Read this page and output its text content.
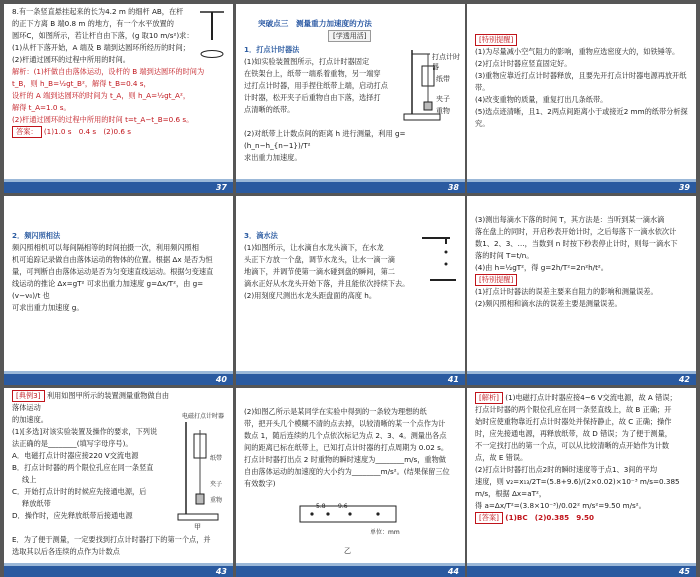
8.有一条竖直悬挂起来的长为4.2 m 的细杆 AB，在杆

的正下方离 B 端0.8 m 的地方，有一个水平放置的

圆环C，如图所示，若让杆自由下落，(g 取10 m/s²)求：

(1)从杆下落开始，A 端及 B 端到达圆环所经历的时间；

(2)杆通过圆环的过程中所用的时间。

解析：(1)杆做自由落体运动，设杆的 B 端到达圆环的时间为

t_B，则 h_B=½gt_B²，解得 t_B=0.4 s，

设杆的 A 端到达圆环的时间为 t_A，则 h_A=½gt_A²，

解得 t_A=1.0 s。

(2)杆通过圆环的过程中所用的时间 t=t_A−t_B=0.6 s。

答案： (1)1.0 s　0.4 s　(2)0.6 s

37
突破点三　测量重力加速度的方法
[学透用活]

1．打点计时器法

(1)如实验装置图所示，打点计时器固定

在铁架台上，纸带一端系着重物，另一端穿

过打点计时器，用手捏住纸带上端，启动打点

计时器，松开夹子后重物自由下落，选择打

点清晰的纸带。

(2)对纸带上计数点间的距离 h 进行测量，利用 g=(h_n−h_{n−1})/T²

求出重力加速度。

打点计时器
纸带
夹子
重物
38

[特别提醒]

(1)为尽量减小空气阻力的影响，重物应选密度大的，如铁锤等。

(2)打点计时器应竖直固定好。

(3)重物应靠近打点计时器释放，且要先开打点计时器电源再放开纸带。

(4)改变重物的质量，重复打出几条纸带。

(5)选点迹清晰，且1、2两点间距离小于或接近2 mm的纸带分析探究。

39

2．频闪照相法

频闪照相机可以每间隔相等的时间拍摄一次，利用频闪照相

机可追踪记录做自由落体运动的物体的位置。根据 Δx 是否为恒

量，可判断自由落体运动是否为匀变速直线运动。根据匀变速直

线运动的推论 Δx=gT² 可求出重力加速度 g=Δx/T²，由 g=(v−v₀)/t 也

可求出重力加速度 g。

40

3．滴水法

(1)如图所示，让水滴自水龙头滴下，在水龙

头正下方放一个盘，调节水龙头，让水一滴一滴

地滴下，并调节使第一滴水碰到盘的瞬间，第二

滴水正好从水龙头开始下落，并且能依次持续下去。

(2)用刻度尺测出水龙头距盘面的高度 h。

41

(3)测出每滴水下落的时间 T，其方法是：当听到某一滴水滴

落在盘上的同时，开启秒表开始计时，之后每落下一滴水依次计

数1、2、3、…，当数到 n 时按下秒表停止计时，则每一滴水下

落的时间 T=t/n。

(4)由 h=½gT²，得 g=2h/T²=2n²h/t²。

[特别提醒]

(1)打点计时器法的误差主要来自阻力的影响和测量误差。

(2)频闪照相和滴水法的误差主要是测量误差。

42

[典例3] 利用如图甲所示的装置测量重物做自由落体运动

的加速度。

(1)[多选]对该实验装置及操作的要求，下列说

法正确的是________(填写字母序号)。

A．电磁打点计时器应接220 V交流电源

B．打点计时器的两个限位孔应在同一条竖直

线上

C．开始打点计时的时候应先接通电源，后

释放纸带

D．操作时，应先释放纸带后接通电源

E．为了便于测量，一定要找到打点计时器打下的第一个点，并

选取其以后各连续的点作为计数点

电磁打点计时器
纸带
夹子
重物
甲
43

(2)如图乙所示是某同学在实验中得到的一条较为理想的纸

带，把开头几个模糊不清的点去掉，以较清晰的某一个点作为计

数点 1，随后连续的几个点依次标记为点 2、3、4。测量出各点

间的距离已标在纸带上，已知打点计时器的打点周期为 0.02 s。

打点计时器打出点 2 时重物的瞬时速度为________m/s，重物做

自由落体运动的加速度的大小约为________m/s²。(结果保留三位

有效数字)

5.8 9.6
单位：mm
乙
44

[解析] (1)电磁打点计时器应接4~6 V交流电源，故 A 错误；

打点计时器的两个限位孔应在同一条竖直线上，故 B 正确；开

始时应使重物靠近打点计时器处并保持静止，故 C 正确；操作

时，应先接通电源，再释放纸带，故 D 错误；为了便于测量，

不一定找打出的第一个点，可以从比较清晰的点开始作为计数

点，故 E 错误。

(2)打点计时器打出点2时的瞬时速度等于点1、3间的平均

速度，则 v₂=x₁₃/2T=(5.8+9.6)/(2×0.02)×10⁻³ m/s=0.385 m/s，根据 Δx=aT²，

得 a=Δx/T²=(3.8×10⁻³)/0.02² m/s²=9.50 m/s²。

[答案] (1)BC　(2)0.385　9.50

45
